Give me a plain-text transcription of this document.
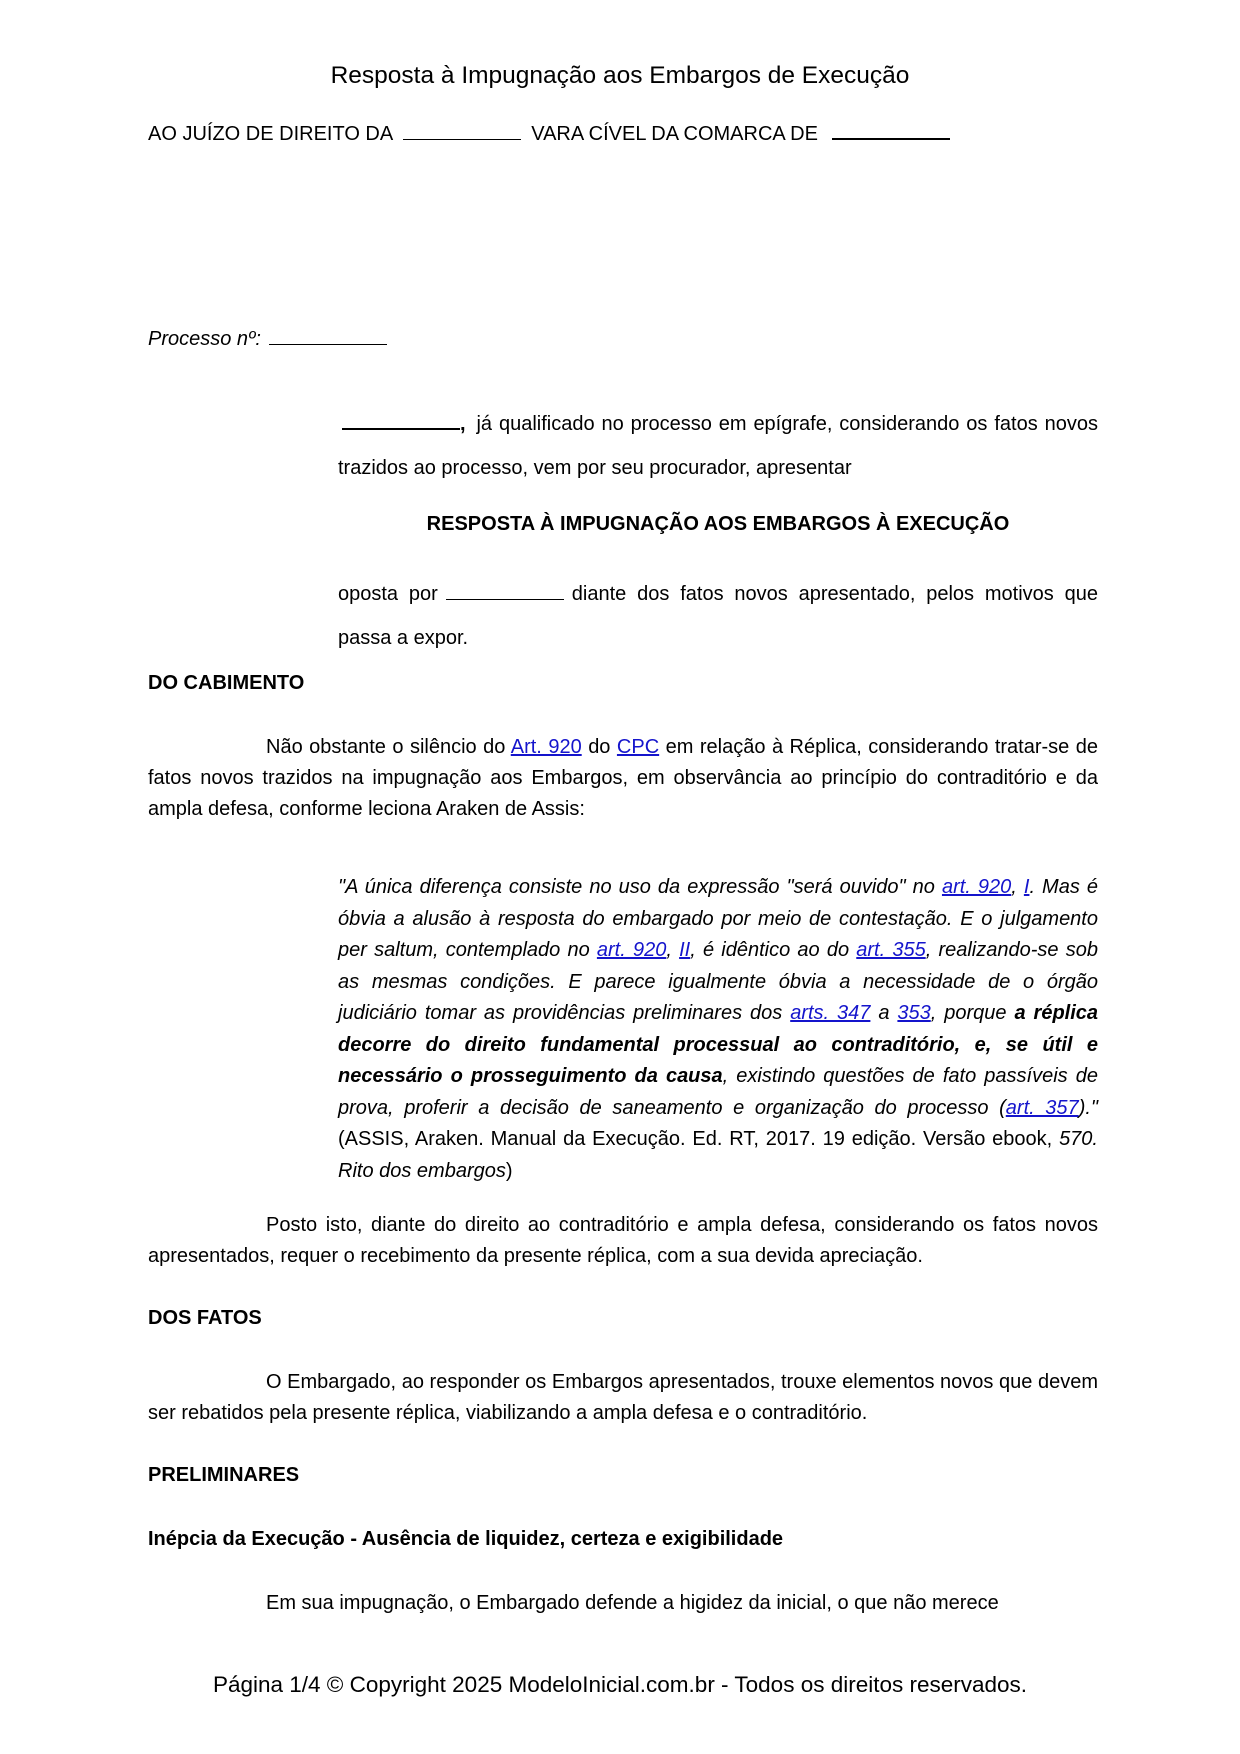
Resposta à Impugnação aos Embargos de Execução
AO JUÍZO DE DIREITO DA	VARA CÍVEL DA COMARCA DE
Processo nº:
, já qualificado no processo em epígrafe, considerando os fatos novos trazidos ao processo, vem por seu procurador, apresentar
RESPOSTA À IMPUGNAÇÃO AOS EMBARGOS À EXECUÇÃO
oposta por	diante dos fatos novos apresentado, pelos motivos que passa a expor.
DO CABIMENTO
Não obstante o silêncio do Art. 920 do CPC em relação à Réplica, considerando tratar-se de fatos novos trazidos na impugnação aos Embargos, em observância ao princípio do contraditório e da ampla defesa, conforme leciona Araken de Assis:
"A única diferença consiste no uso da expressão "será ouvido" no art. 920, I. Mas é óbvia a alusão à resposta do embargado por meio de contestação. E o julgamento per saltum, contemplado no art. 920, II, é idêntico ao do art. 355, realizando-se sob as mesmas condições. E parece igualmente óbvia a necessidade de o órgão judiciário tomar as providências preliminares dos arts. 347 a 353, porque a réplica decorre do direito fundamental processual ao contraditório, e, se útil e necessário o prosseguimento da causa, existindo questões de fato passíveis de prova, proferir a decisão de saneamento e organização do processo (art. 357)." (ASSIS, Araken. Manual da Execução. Ed. RT, 2017. 19 edição. Versão ebook, 570. Rito dos embargos)
Posto isto, diante do direito ao contraditório e ampla defesa, considerando os fatos novos apresentados, requer o recebimento da presente réplica, com a sua devida apreciação.
DOS FATOS
O Embargado, ao responder os Embargos apresentados, trouxe elementos novos que devem ser rebatidos pela presente réplica, viabilizando a ampla defesa e o contraditório.
PRELIMINARES
Inépcia da Execução - Ausência de liquidez, certeza e exigibilidade
Em sua impugnação, o Embargado defende a higidez da inicial, o que não merece
Página 1/4 © Copyright 2025 ModeloInicial.com.br - Todos os direitos reservados.
